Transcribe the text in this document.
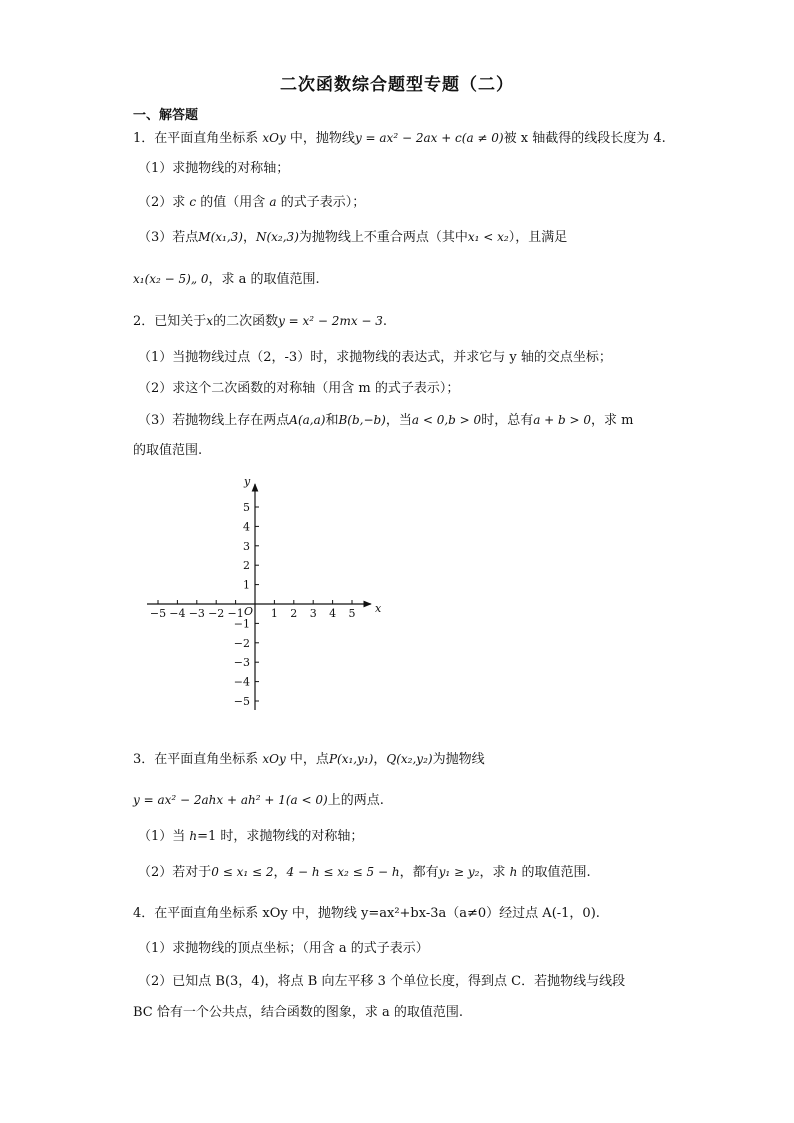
二次函数综合题型专题（二）
一、解答题
1．在平面直角坐标系 xOy 中，抛物线y = ax² − 2ax + c(a ≠ 0)被 x 轴截得的线段长度为 4.
（1）求抛物线的对称轴；
（2）求 c 的值（用含 a 的式子表示）；
（3）若点M(x₁,3)，N(x₂,3)为抛物线上不重合两点（其中x₁ < x₂），且满足
x₁(x₂ − 5)„ 0，求 a 的取值范围.
2．已知关于x的二次函数y = x² − 2mx − 3.
（1）当抛物线过点（2，-3）时，求抛物线的表达式，并求它与 y 轴的交点坐标；
（2）求这个二次函数的对称轴（用含 m 的式子表示）；
（3）若抛物线上存在两点A(a,a)和B(b,−b)，当a < 0,b > 0时，总有a + b > 0，求 m
的取值范围.
−5 −4 −3 −2 −1 1 2 3 4 5
5
4
3
2
1
−1
−2
−3
−4
−5
y
x
O
3．在平面直角坐标系 xOy 中，点P(x₁,y₁)，Q(x₂,y₂)为抛物线
y = ax² − 2ahx + ah² + 1(a < 0)上的两点.
（1）当 h=1 时，求抛物线的对称轴；
（2）若对于0 ≤ x₁ ≤ 2，4 − h ≤ x₂ ≤ 5 − h，都有y₁ ≥ y₂，求 h 的取值范围.
4．在平面直角坐标系 xOy 中，抛物线 y=ax²+bx-3a（a≠0）经过点 A(-1，0).
（1）求抛物线的顶点坐标；（用含 a 的式子表示）
（2）已知点 B(3，4)，将点 B 向左平移 3 个单位长度，得到点 C．若抛物线与线段
BC 恰有一个公共点，结合函数的图象，求 a 的取值范围.
